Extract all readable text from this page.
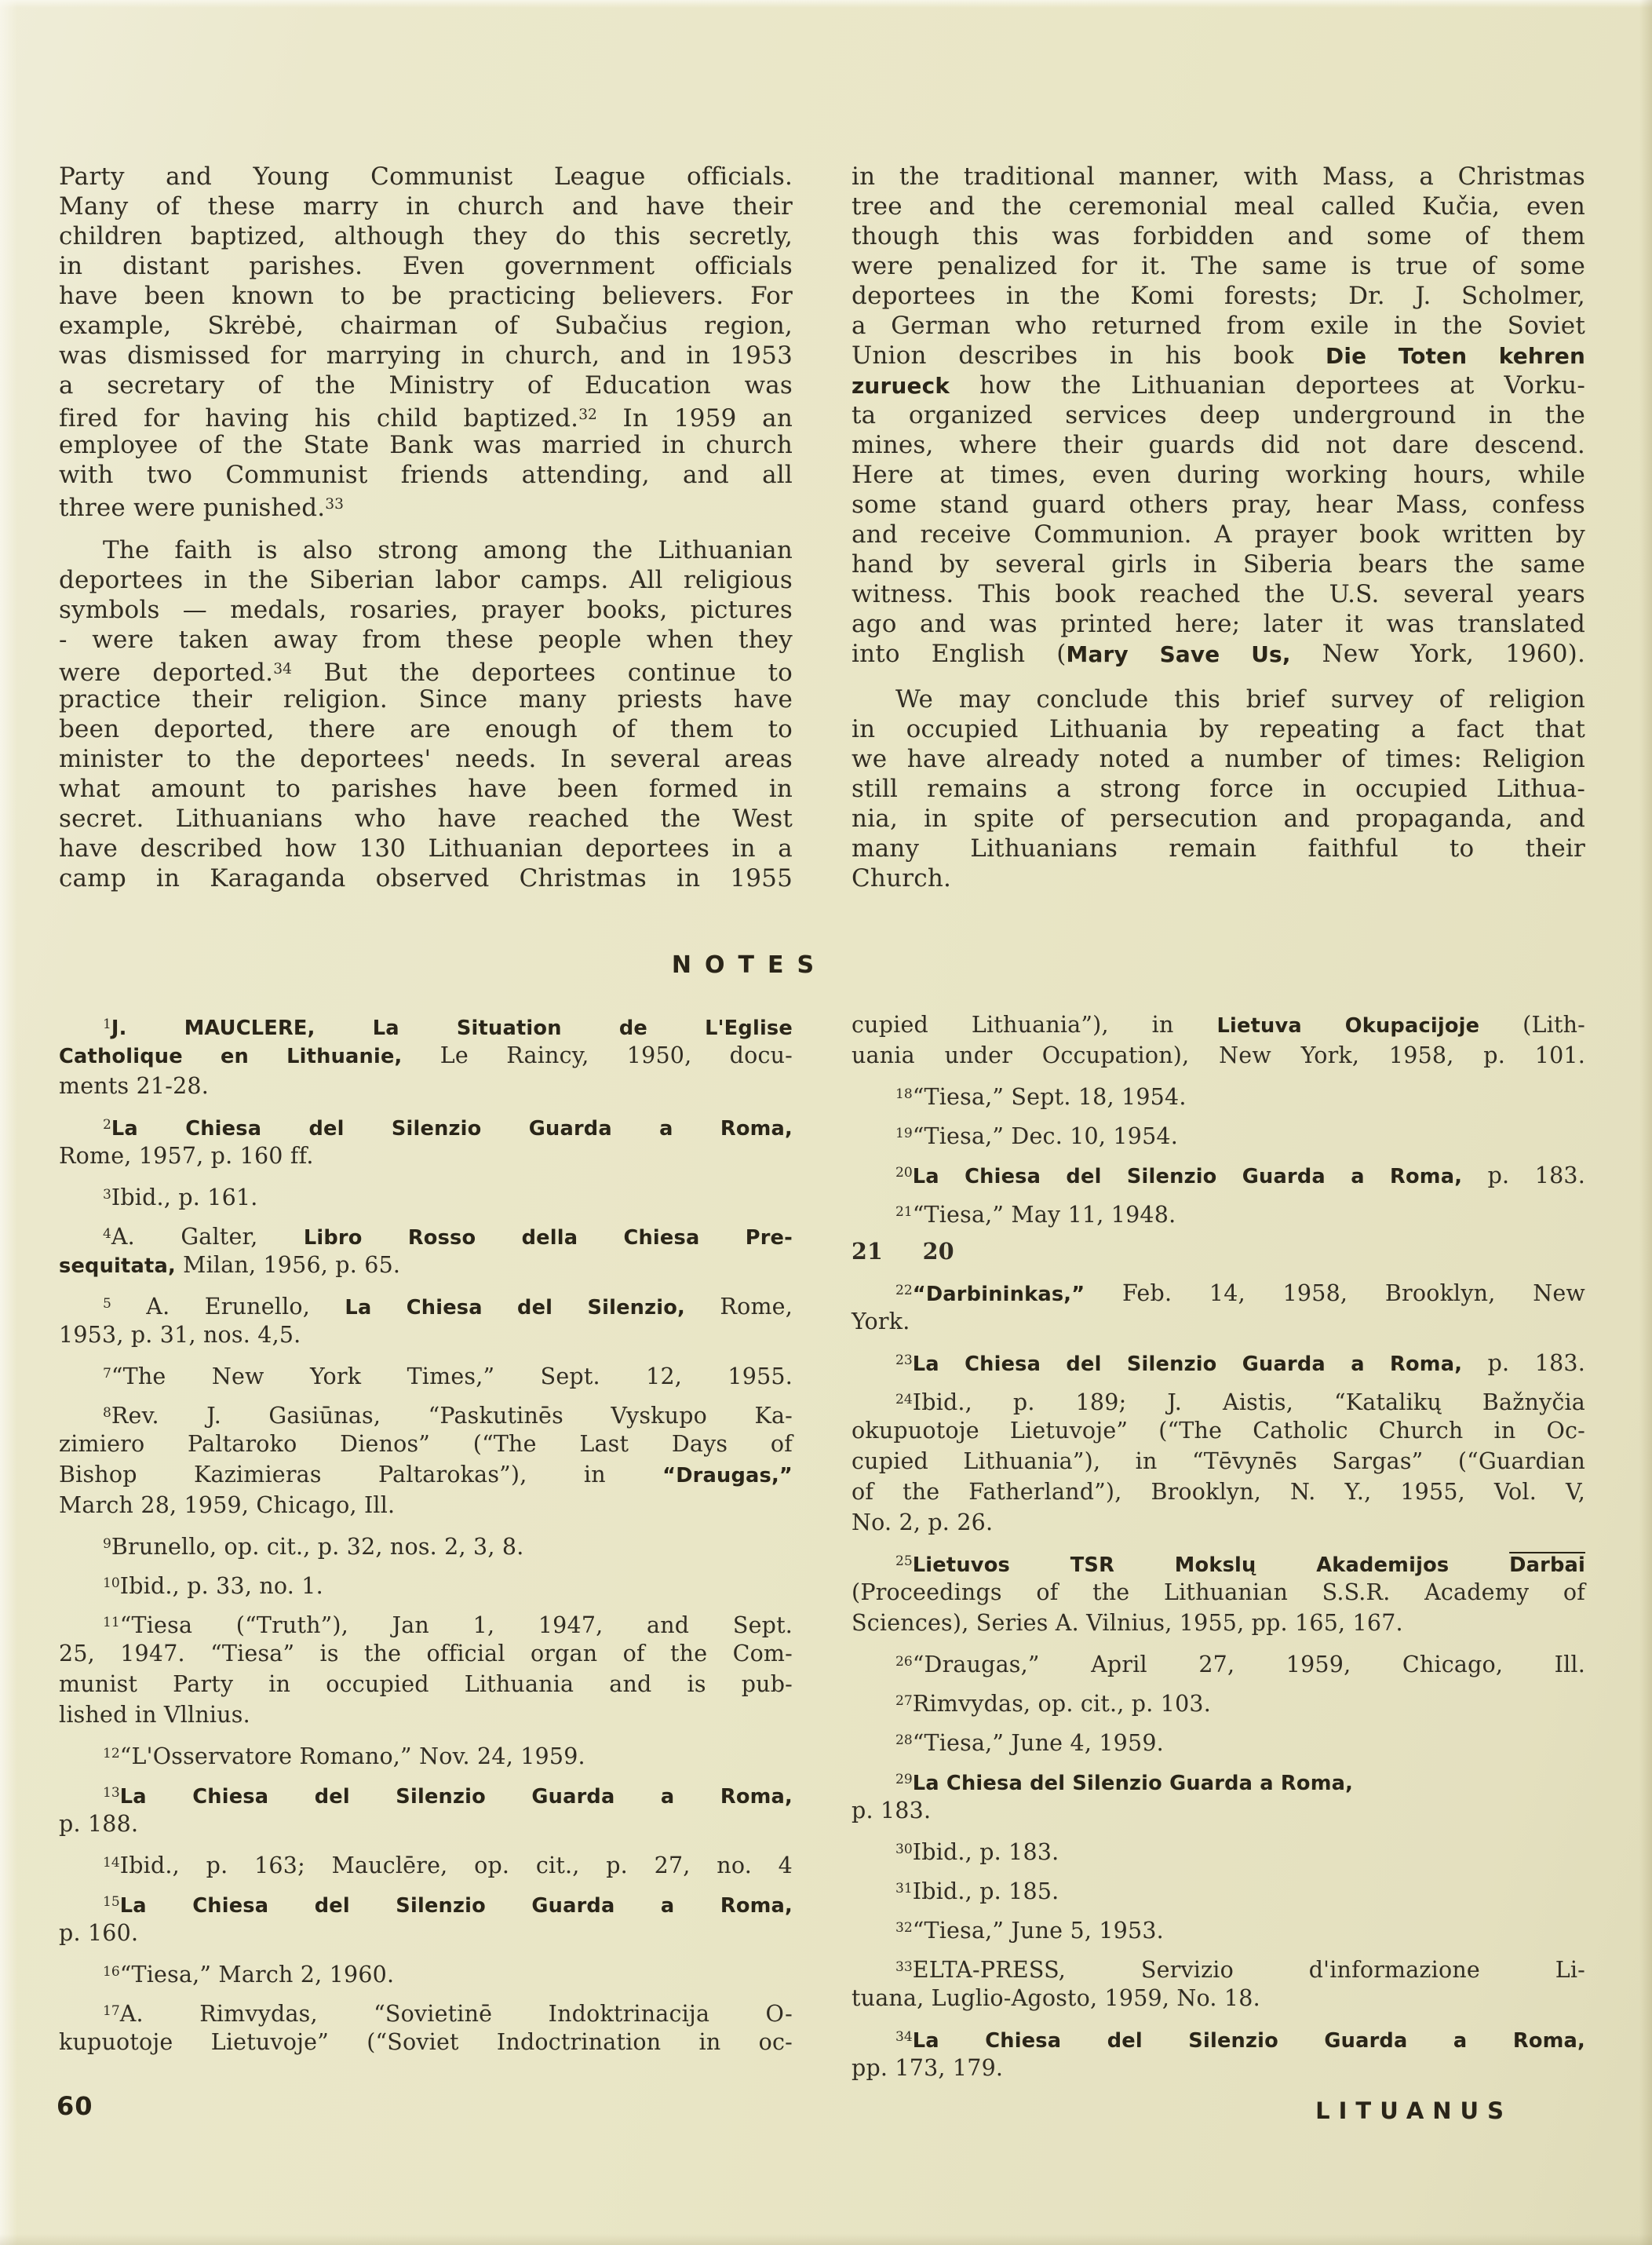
Party and Young Communist League officials.
Many of these marry in church and have their
children baptized, although they do this secretly,
in distant parishes. Even government officials
have been known to be practicing believers. For
example, Skrėbė, chairman of Subačius region,
was dismissed for marrying in church, and in 1953
a secretary of the Ministry of Education was
fired for having his child baptized.$^{32}$ In 1959 an
employee of the State Bank was married in church
with two Communist friends attending, and all
three were punished.$^{33}$
The faith is also strong among the Lithuanian
deportees in the Siberian labor camps. All religious
symbols — medals, rosaries, prayer books, pictures
- were taken away from these people when they
were deported.$^{34}$ But the deportees continue to
practice their religion. Since many priests have
been deported, there are enough of them to
minister to the deportees' needs. In several areas
what amount to parishes have been formed in
secret. Lithuanians who have reached the West
have described how 130 Lithuanian deportees in a
camp in Karaganda observed Christmas in 1955
in the traditional manner, with Mass, a Christmas
tree and the ceremonial meal called Kučia, even
though this was forbidden and some of them
were penalized for it. The same is true of some
deportees in the Komi forests; Dr. J. Scholmer,
a German who returned from exile in the Soviet
Union describes in his book Die Toten kehren
zurueck how the Lithuanian deportees at Vorku-
ta organized services deep underground in the
mines, where their guards did not dare descend.
Here at times, even during working hours, while
some stand guard others pray, hear Mass, confess
and receive Communion. A prayer book written by
hand by several girls in Siberia bears the same
witness. This book reached the U.S. several years
ago and was printed here; later it was translated
into English (Mary Save Us, New York, 1960).
We may conclude this brief survey of religion
in occupied Lithuania by repeating a fact that
we have already noted a number of times: Religion
still remains a strong force in occupied Lithua-
nia, in spite of persecution and propaganda, and
many Lithuanians remain faithful to their
Church.
NOTES
$^1$J. MAUCLERE, La Situation de L'Eglise
Catholique en Lithuanie, Le Raincy, 1950, docu-
ments 21-28.
$^2$La Chiesa del Silenzio Guarda a Roma,
Rome, 1957, p. 160 ff.
$^3$Ibid., p. 161.
$^4$A. Galter, Libro Rosso della Chiesa Pre-
sequitata, Milan, 1956, p. 65.
$^5$ A. Erunello, La Chiesa del Silenzio, Rome,
1953, p. 31, nos. 4,5.
$^7$“The New York Times,” Sept. 12, 1955.
$^8$Rev. J. Gasiūnas, “Paskutinēs Vyskupo Ka-
zimiero Paltaroko Dienos” (“The Last Days of
Bishop Kazimieras Paltarokas”), in “Draugas,”
March 28, 1959, Chicago, Ill.
$^9$Brunello, op. cit., p. 32, nos. 2, 3, 8.
$^{10}$Ibid., p. 33, no. 1.
$^{11}$“Tiesa (“Truth”), Jan 1, 1947, and Sept.
25, 1947. “Tiesa” is the official organ of the Com-
munist Party in occupied Lithuania and is pub-
lished in Vllnius.
$^{12}$“L'Osservatore Romano,” Nov. 24, 1959.
$^{13}$La Chiesa del Silenzio Guarda a Roma,
p. 188.
$^{14}$Ibid., p. 163; Mauclēre, op. cit., p. 27, no. 4
$^{15}$La Chiesa del Silenzio Guarda a Roma,
p. 160.
$^{16}$“Tiesa,” March 2, 1960.
$^{17}$A. Rimvydas, “Sovietinē Indoktrinacija O-
kupuotoje Lietuvoje” (“Soviet Indoctrination in oc-
cupied Lithuania”), in Lietuva Okupacijoje (Lith-
uania under Occupation), New York, 1958, p. 101.
$^{18}$“Tiesa,” Sept. 18, 1954.
$^{19}$“Tiesa,” Dec. 10, 1954.
$^{20}$La Chiesa del Silenzio Guarda a Roma, p. 183.
$^{21}$“Tiesa,” May 11, 1948.
21     20
$^{22}$“Darbininkas,” Feb. 14, 1958, Brooklyn, New
York.
$^{23}$La Chiesa del Silenzio Guarda a Roma, p. 183.
$^{24}$Ibid., p. 189; J. Aistis, “Katalikų Bažnyčia
okupuotoje Lietuvoje” (“The Catholic Church in Oc-
cupied Lithuania”), in “Tēvynēs Sargas” (“Guardian
of the Fatherland”), Brooklyn, N. Y., 1955, Vol. V,
No. 2, p. 26.
$^{25}$Lietuvos TSR Mokslų Akademijos Darbai
(Proceedings of the Lithuanian S.S.R. Academy of
Sciences), Series A. Vilnius, 1955, pp. 165, 167.
$^{26}$“Draugas,” April 27, 1959, Chicago, Ill.
$^{27}$Rimvydas, op. cit., p. 103.
$^{28}$“Tiesa,” June 4, 1959.
$^{29}$La Chiesa del Silenzio Guarda a Roma,
p. 183.
$^{30}$Ibid., p. 183.
$^{31}$Ibid., p. 185.
$^{32}$“Tiesa,” June 5, 1953.
$^{33}$ELTA-PRESS, Servizio d'informazione Li-
tuana, Luglio-Agosto, 1959, No. 18.
$^{34}$La Chiesa del Silenzio Guarda a Roma,
pp. 173, 179.
60	LITUANUS
